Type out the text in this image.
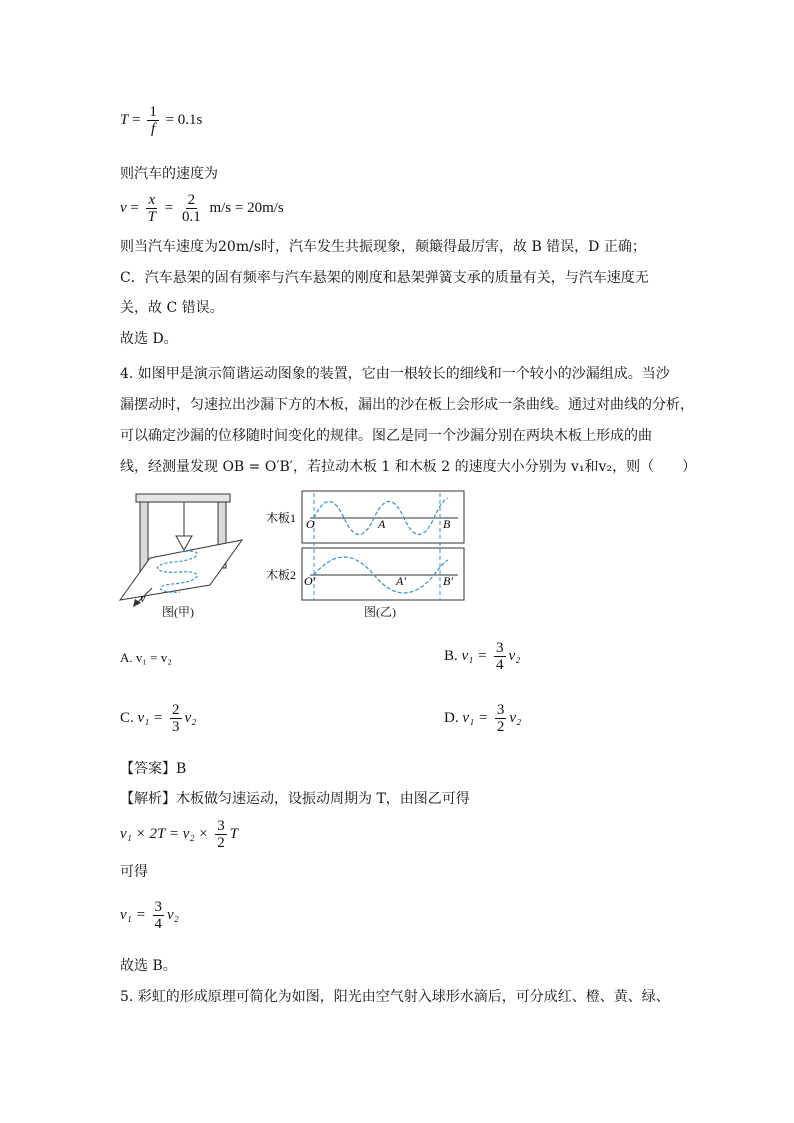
$T = \frac{1}{f} = 0.1s$
则汽车的速度为
$v = \frac{x}{T} = \frac{2}{0.1} m/s = 20m/s$
则当汽车速度为20m/s时，汽车发生共振现象，颠簸得最厉害，故 B 错误，D 正确；
C．汽车悬架的固有频率与汽车悬架的刚度和悬架弹簧支承的质量有关，与汽车速度无
关，故 C 错误。
故选 D。
4. 如图甲是演示简谐运动图象的装置，它由一根较长的细线和一个较小的沙漏组成。当沙
漏摆动时，匀速拉出沙漏下方的木板，漏出的沙在板上会形成一条曲线。通过对曲线的分析，
可以确定沙漏的位移随时间变化的规律。图乙是同一个沙漏分别在两块木板上形成的曲
线，经测量发现 OB = O′B′，若拉动木板 1 和木板 2 的速度大小分别为 v₁和v₂，则（　　）
v
图(甲)
木板1
木板2
O	A	B
O′	A′	B′
图(乙)
A. v₁ = v₂	B. $v_1 = \frac{3}{4} v_2$
C. $v_1 = \frac{2}{3} v_2$	D. $v_1 = \frac{3}{2} v_2$
【答案】B
【解析】木板做匀速运动，设振动周期为 T，由图乙可得
$v_1 \times 2T = v_2 \times \frac{3}{2}$ T
可得
$v_1 = \frac{3}{4} v_2$
故选 B。
5. 彩虹的形成原理可简化为如图，阳光由空气射入球形水滴后，可分成红、橙、黄、绿、
